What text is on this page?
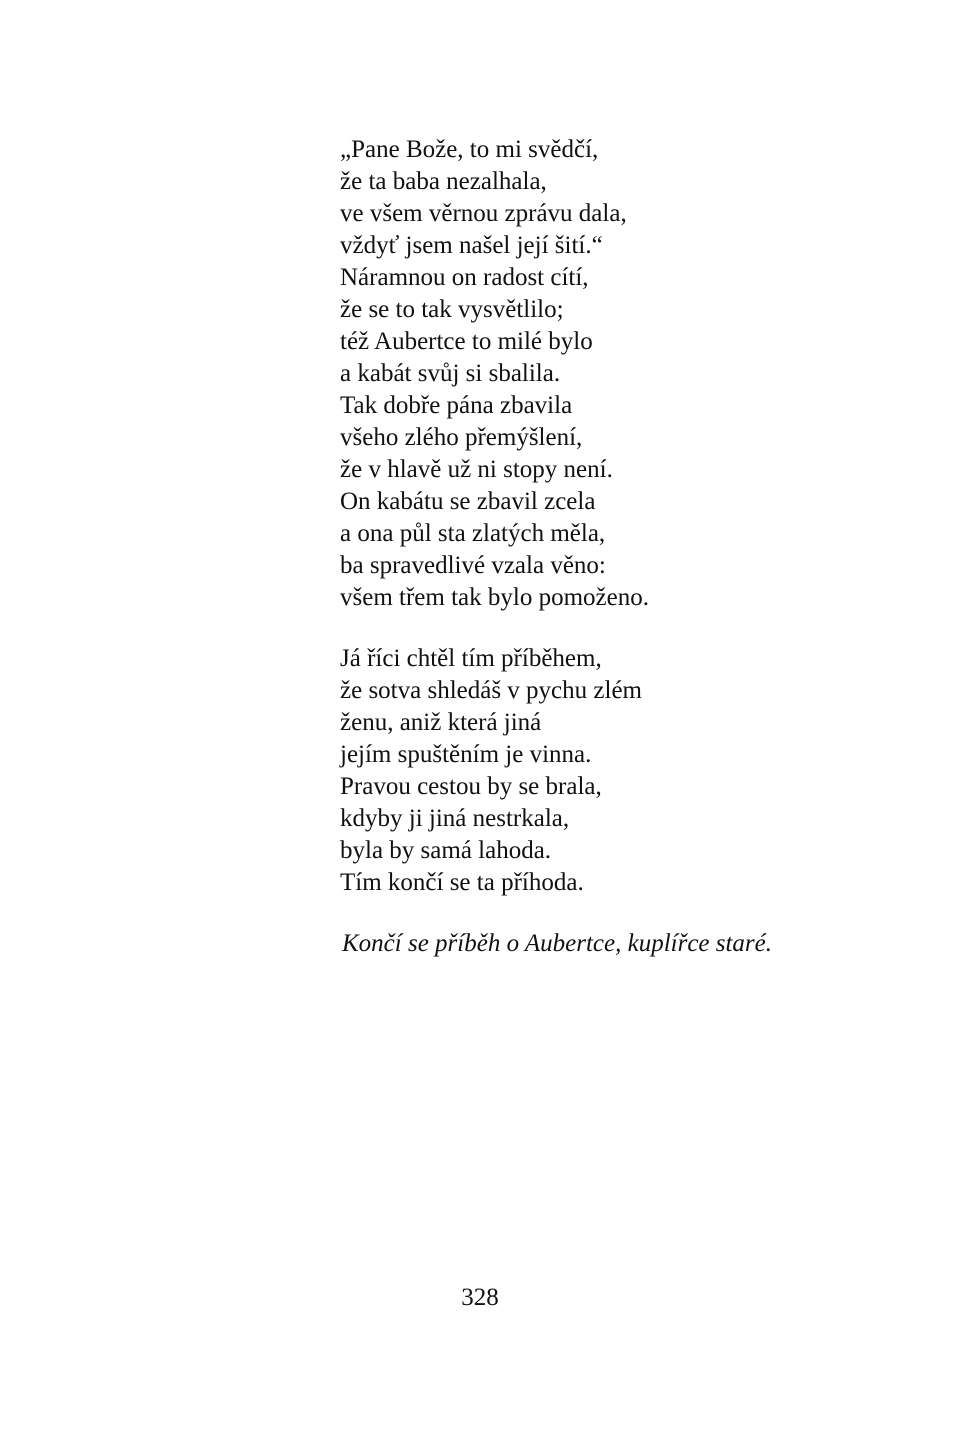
„Pane Bože, to mi svědčí,
že ta baba nezalhala,
ve všem věrnou zprávu dala,
vždyť jsem našel její šití.“
Náramnou on radost cítí,
že se to tak vysvětlilo;
též Aubertce to milé bylo
a kabát svůj si sbalila.
Tak dobře pána zbavila
všeho zlého přemýšlení,
že v hlavě už ni stopy není.
On kabátu se zbavil zcela
a ona půl sta zlatých měla,
ba spravedlivé vzala věno:
všem třem tak bylo pomoženo.
Já říci chtěl tím příběhem,
že sotva shledáš v pychu zlém
ženu, aniž která jiná
jejím spuštěním je vinna.
Pravou cestou by se brala,
kdyby ji jiná nestrkala,
byla by samá lahoda.
Tím končí se ta příhoda.
Končí se příběh o Aubertce, kuplířce staré.
328
